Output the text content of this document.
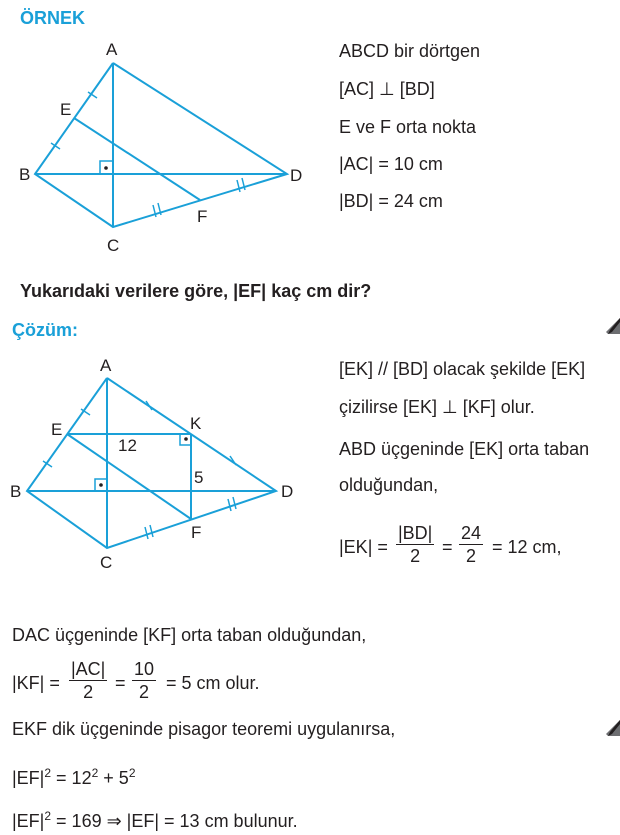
ÖRNEK
A
E
B	D
F
C
ABCD bir dörtgen
[AC] ⊥ [BD]
E ve F orta nokta
|AC| = 10 cm
|BD| = 24 cm
Yukarıdaki verilere göre, |EF| kaç cm dir?
Çözüm:
A
E	K
12
5
B	D
F
C
[EK] // [BD] olacak şekilde [EK]
çizilirse [EK] ⊥ [KF] olur.
ABD üçgeninde [EK] orta taban
olduğundan,
$|EK| = \frac{|BD|}{2} = \frac{24}{2} = 12$ cm,
DAC üçgeninde [KF] orta taban olduğundan,
$|KF| = \frac{|AC|}{2} = \frac{10}{2} = 5$ cm olur.
EKF dik üçgeninde pisagor teoremi uygulanırsa,
$|EF|^2 = 12^2 + 5^2$
$|EF|^2 = 169$ ⇒ |EF| = 13 cm bulunur.
